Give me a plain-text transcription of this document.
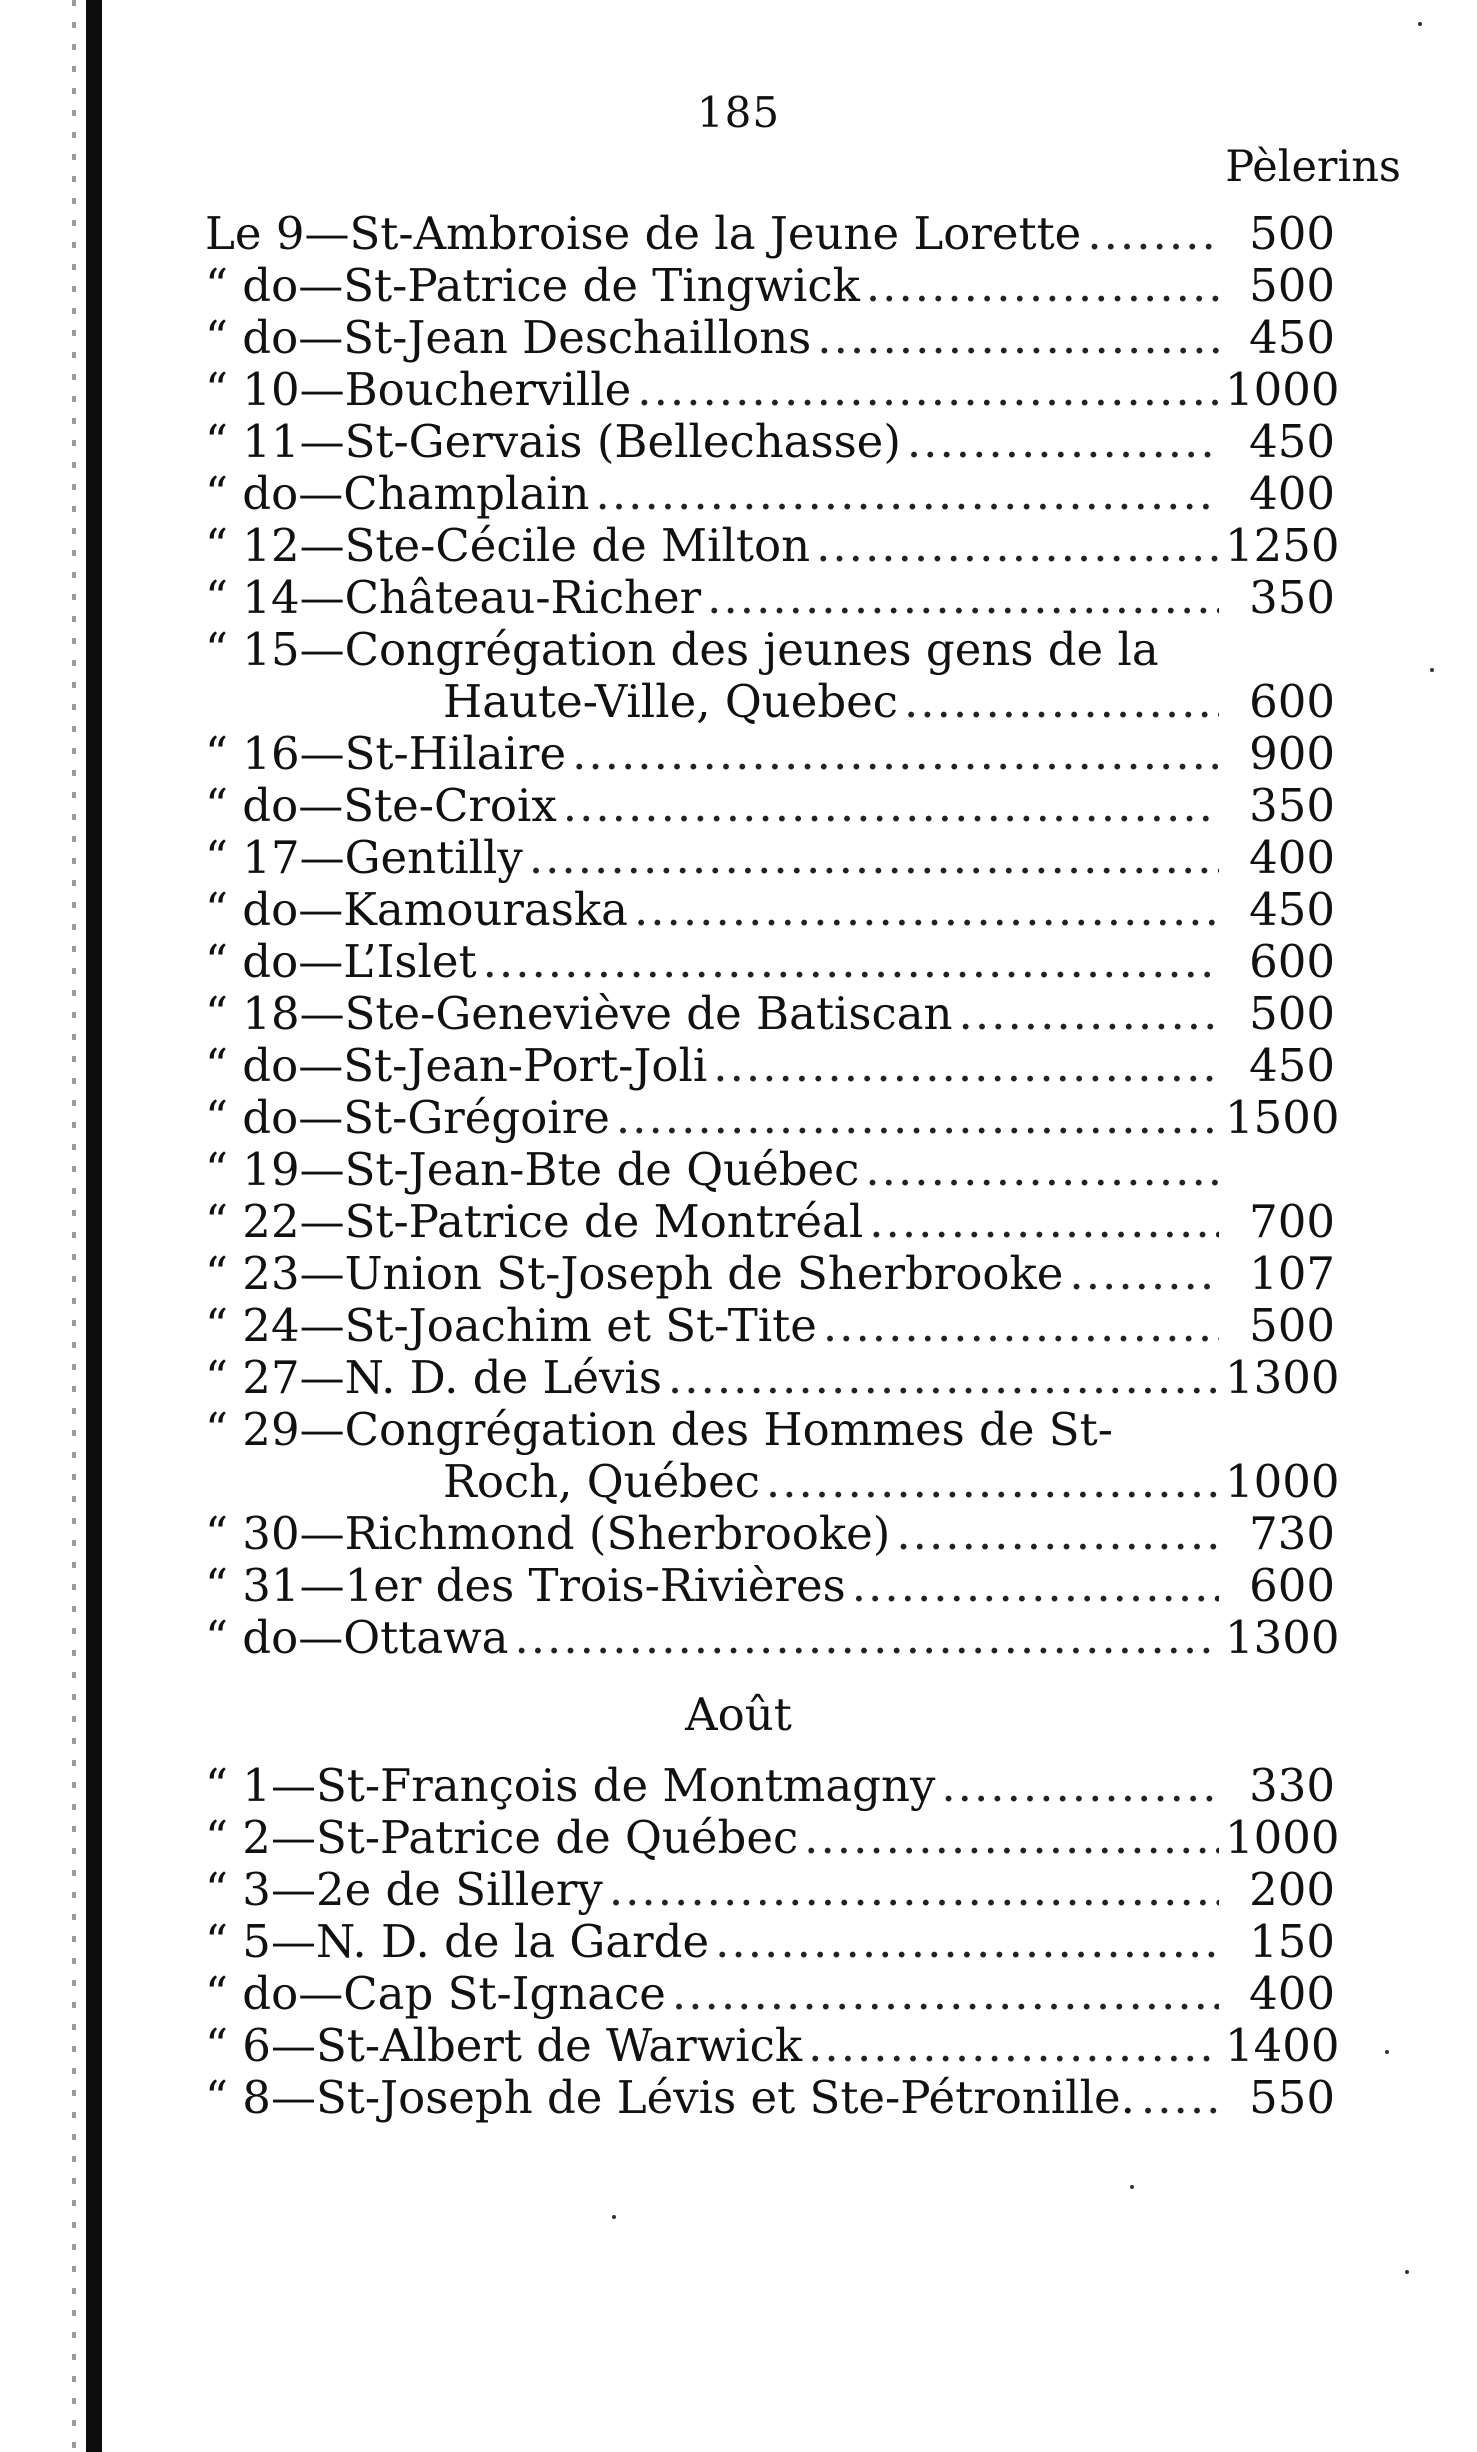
185
Pèlerins
Le 9—St-Ambroise de la Jeune Lorette .....	500
“ do—St-Patrice de Tingwick .....	500
“ do—St-Jean Deschaillons .....	450
“ 10—Boucherville .....	1000
“ 11—St-Gervais (Bellechasse) .....	450
“ do—Champlain .....	400
“ 12—Ste-Cécile de Milton .....	1250
“ 14—Château-Richer .....	350
“ 15—Congrégation des jeunes gens de la
Haute-Ville, Quebec .....	600
“ 16—St-Hilaire .....	900
“ do—Ste-Croix .....	350
“ 17—Gentilly .....	400
“ do—Kamouraska .....	450
“ do—L’Islet .....	600
“ 18—Ste-Geneviève de Batiscan .....	500
“ do—St-Jean-Port-Joli .....	450
“ do—St-Grégoire .....	1500
“ 19—St-Jean-Bte de Québec
.....
“ 22—St-Patrice de Montréal .....	700
“ 23—Union St-Joseph de Sherbrooke .....	107
“ 24—St-Joachim et St-Tite .....	500
“ 27—N. D. de Lévis .....	1300
“ 29—Congrégation des Hommes de St-
Roch, Québec .....	1000
“ 30—Richmond (Sherbrooke) .....	730
“ 31—1er des Trois-Rivières .....	600
“ do—Ottawa .....	1300
Août
“ 1—St-François de Montmagny .....	330
“ 2—St-Patrice de Québec .....	1000
“ 3—2e de Sillery .....	200
“ 5—N. D. de la Garde .....	150
“ do—Cap St-Ignace .....	400
“ 6—St-Albert de Warwick .....	1400
“ 8—St-Joseph de Lévis et Ste-Pétronille. .....	550
